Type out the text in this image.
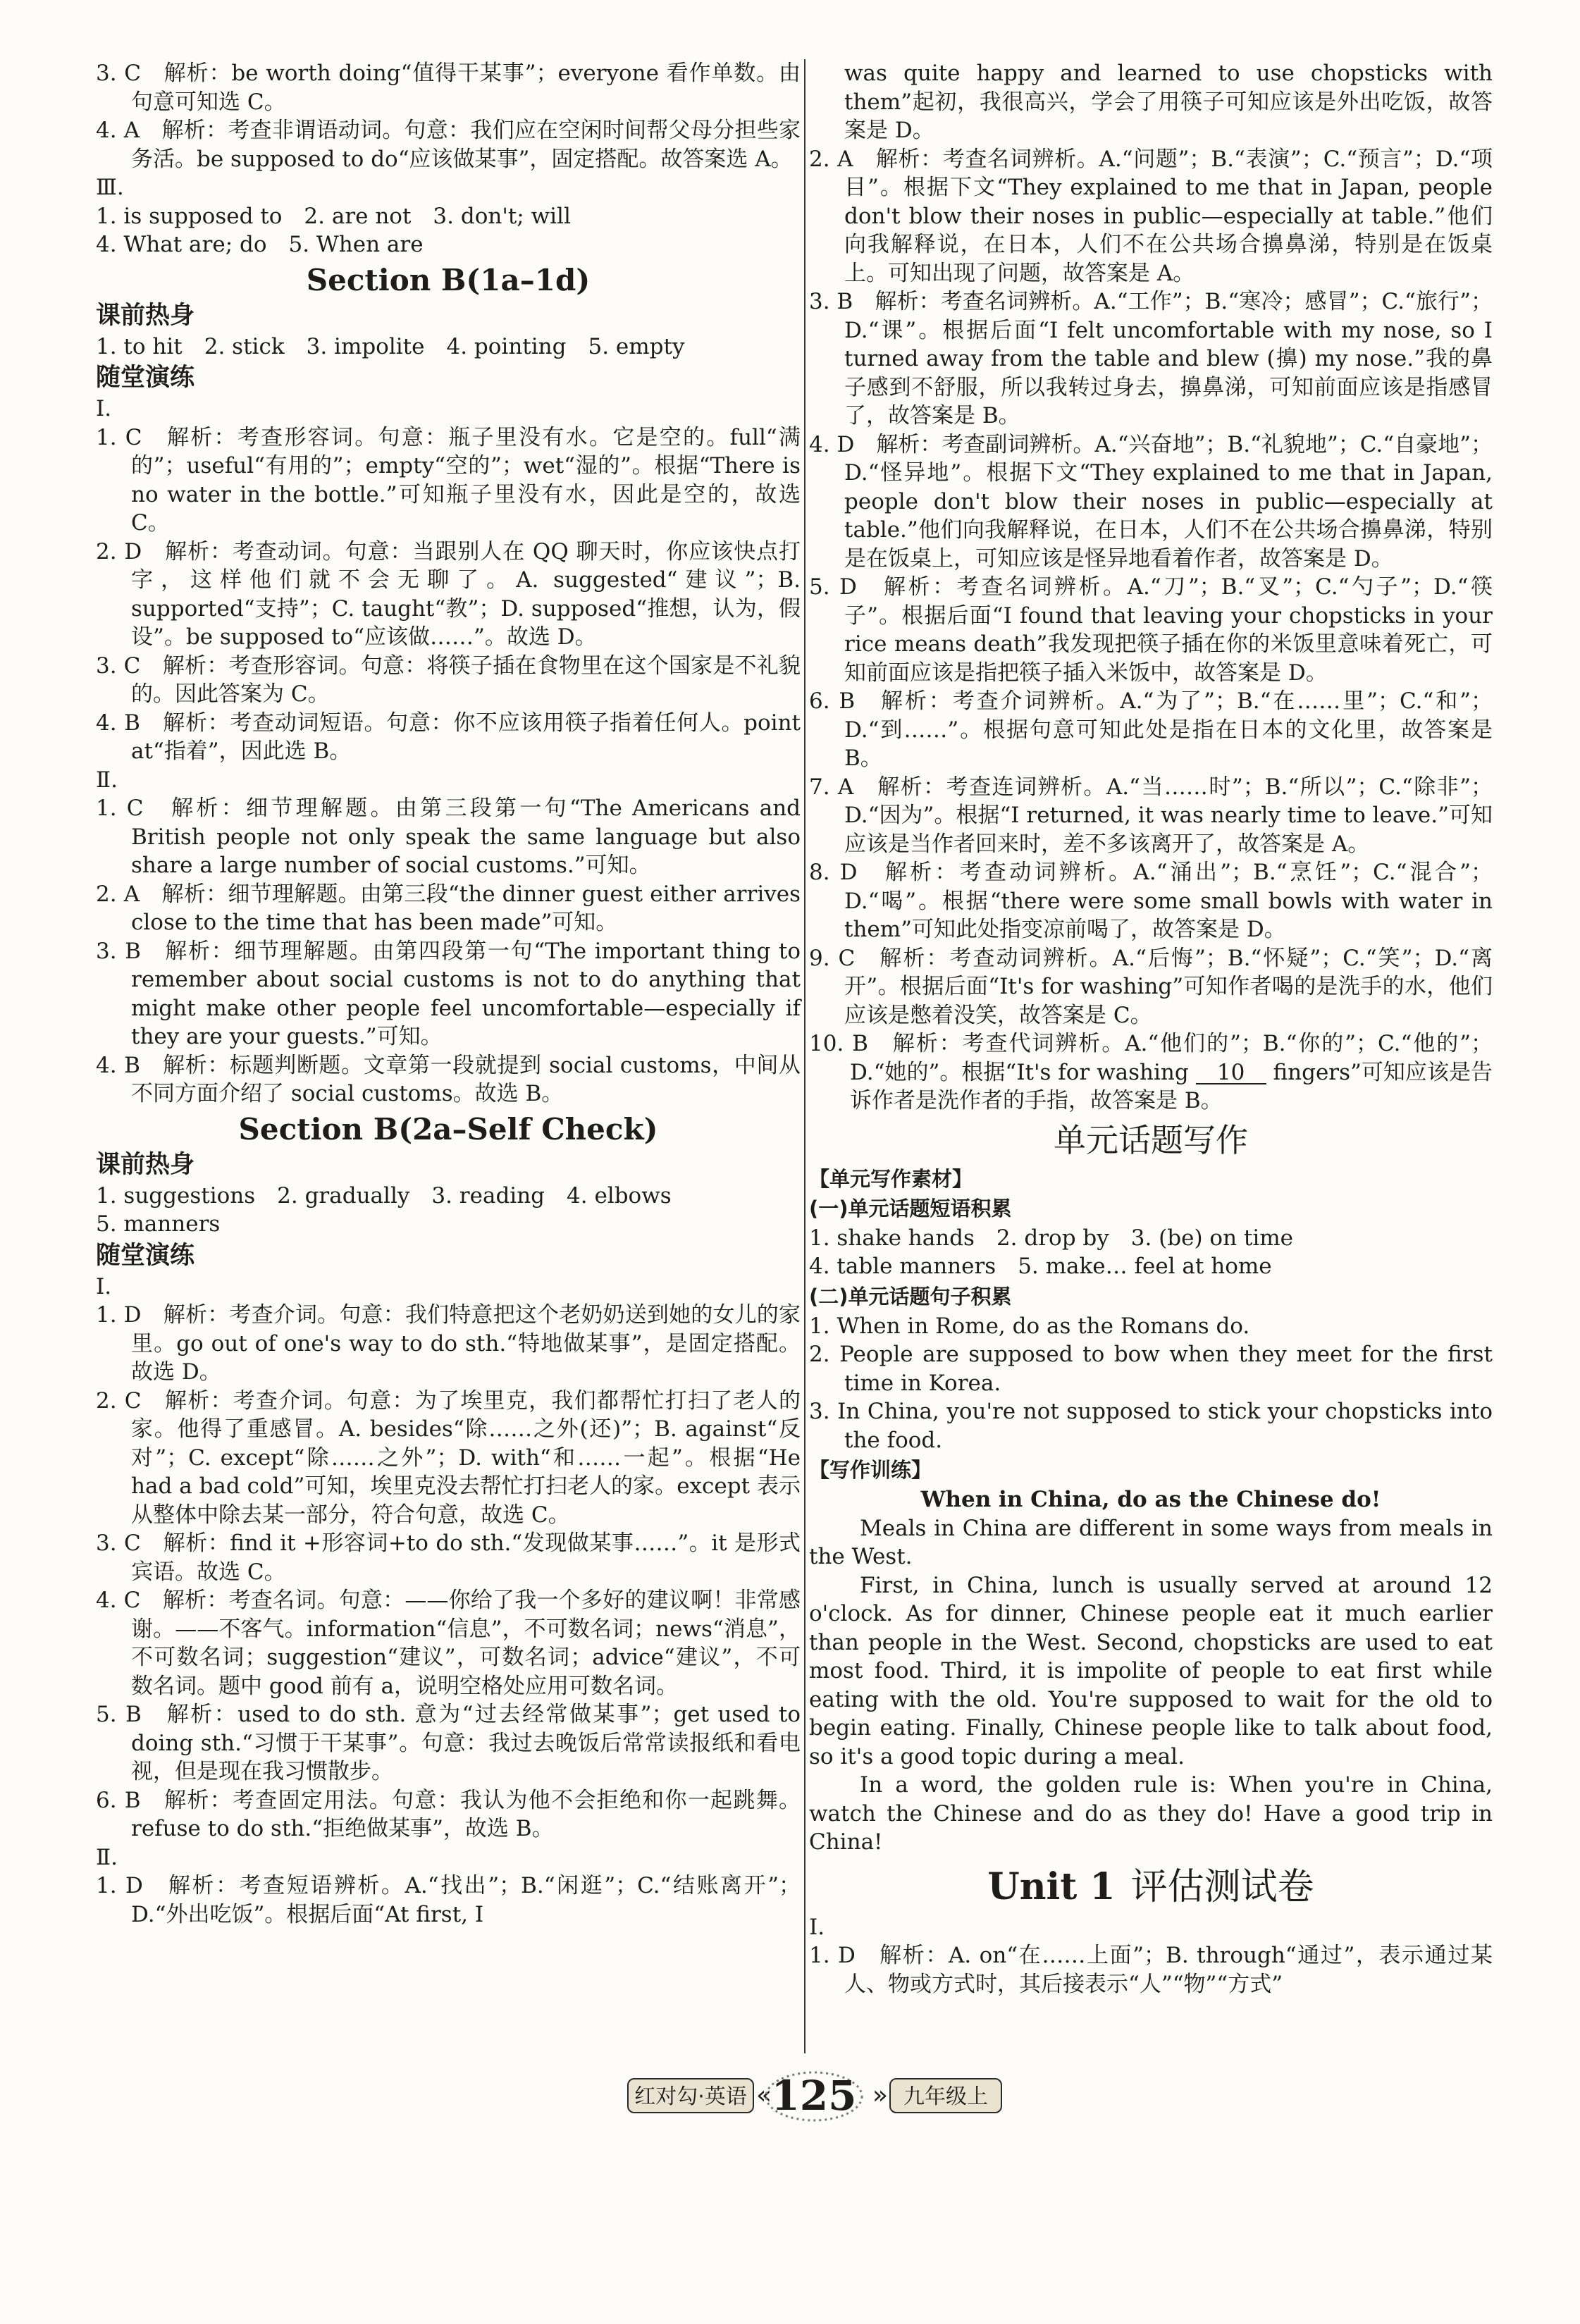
3. C　解析：be worth doing“值得干某事”；everyone 看作单数。由句意可知选 C。

4. A　解析：考查非谓语动词。句意：我们应在空闲时间帮父母分担些家务活。be supposed to do“应该做某事”，固定搭配。故答案选 A。

Ⅲ.

1. is supposed to　2. are not　3. don't; will

4. What are; do　5. When are

Section B(1a–1d)

课前热身

1. to hit　2. stick　3. impolite　4. pointing　5. empty

随堂演练

Ⅰ.

1. C　解析：考查形容词。句意：瓶子里没有水。它是空的。full“满的”；useful“有用的”；empty“空的”；wet“湿的”。根据“There is no water in the bottle.”可知瓶子里没有水，因此是空的，故选 C。

2. D　解析：考查动词。句意：当跟别人在 QQ 聊天时，你应该快点打字，这样他们就不会无聊了。A. suggested“建议”；B. supported“支持”；C. taught“教”；D. supposed“推想，认为，假设”。be supposed to“应该做……”。故选 D。

3. C　解析：考查形容词。句意：将筷子插在食物里在这个国家是不礼貌的。因此答案为 C。

4. B　解析：考查动词短语。句意：你不应该用筷子指着任何人。point at“指着”，因此选 B。

Ⅱ.

1. C　解析：细节理解题。由第三段第一句“The Americans and British people not only speak the same language but also share a large number of social customs.”可知。

2. A　解析：细节理解题。由第三段“the dinner guest either arrives close to the time that has been made”可知。

3. B　解析：细节理解题。由第四段第一句“The important thing to remember about social customs is not to do anything that might make other people feel uncomfortable—especially if they are your guests.”可知。

4. B　解析：标题判断题。文章第一段就提到 social customs，中间从不同方面介绍了 social customs。故选 B。

Section B(2a–Self Check)

课前热身

1. suggestions　2. gradually　3. reading　4. elbows

5. manners

随堂演练

Ⅰ.

1. D　解析：考查介词。句意：我们特意把这个老奶奶送到她的女儿的家里。go out of one's way to do sth.“特地做某事”，是固定搭配。故选 D。

2. C　解析：考查介词。句意：为了埃里克，我们都帮忙打扫了老人的家。他得了重感冒。A. besides“除……之外(还)”；B. against“反对”；C. except“除……之外”；D. with“和……一起”。根据“He had a bad cold”可知，埃里克没去帮忙打扫老人的家。except 表示从整体中除去某一部分，符合句意，故选 C。

3. C　解析：find it +形容词+to do sth.“发现做某事……”。it 是形式宾语。故选 C。

4. C　解析：考查名词。句意：——你给了我一个多好的建议啊！非常感谢。——不客气。information“信息”，不可数名词；news“消息”，不可数名词；suggestion“建议”，可数名词；advice“建议”，不可数名词。题中 good 前有 a，说明空格处应用可数名词。

5. B　解析：used to do sth. 意为“过去经常做某事”；get used to doing sth.“习惯于干某事”。句意：我过去晚饭后常常读报纸和看电视，但是现在我习惯散步。

6. B　解析：考查固定用法。句意：我认为他不会拒绝和你一起跳舞。refuse to do sth.“拒绝做某事”，故选 B。

Ⅱ.

1. D　解析：考查短语辨析。A.“找出”；B.“闲逛”；C.“结账离开”；D.“外出吃饭”。根据后面“At first, I

was quite happy and learned to use chopsticks with them”起初，我很高兴，学会了用筷子可知应该是外出吃饭，故答案是 D。

2. A　解析：考查名词辨析。A.“问题”；B.“表演”；C.“预言”；D.“项目”。根据下文“They explained to me that in Japan, people don't blow their noses in public—especially at table.”他们向我解释说，在日本，人们不在公共场合擤鼻涕，特别是在饭桌上。可知出现了问题，故答案是 A。

3. B　解析：考查名词辨析。A.“工作”；B.“寒冷；感冒”；C.“旅行”；D.“课”。根据后面“I felt uncomfortable with my nose, so I turned away from the table and blew (擤) my nose.”我的鼻子感到不舒服，所以我转过身去，擤鼻涕，可知前面应该是指感冒了，故答案是 B。

4. D　解析：考查副词辨析。A.“兴奋地”；B.“礼貌地”；C.“自豪地”；D.“怪异地”。根据下文“They explained to me that in Japan, people don't blow their noses in public—especially at table.”他们向我解释说，在日本，人们不在公共场合擤鼻涕，特别是在饭桌上，可知应该是怪异地看着作者，故答案是 D。

5. D　解析：考查名词辨析。A.“刀”；B.“叉”；C.“勺子”；D.“筷子”。根据后面“I found that leaving your chopsticks in your rice means death”我发现把筷子插在你的米饭里意味着死亡，可知前面应该是指把筷子插入米饭中，故答案是 D。

6. B　解析：考查介词辨析。A.“为了”；B.“在……里”；C.“和”；D.“到……”。根据句意可知此处是指在日本的文化里，故答案是 B。

7. A　解析：考查连词辨析。A.“当……时”；B.“所以”；C.“除非”；D.“因为”。根据“I returned, it was nearly time to leave.”可知应该是当作者回来时，差不多该离开了，故答案是 A。

8. D　解析：考查动词辨析。A.“涌出”；B.“烹饪”；C.“混合”；D.“喝”。根据“there were some small bowls with water in them”可知此处指变凉前喝了，故答案是 D。

9. C　解析：考查动词辨析。A.“后悔”；B.“怀疑”；C.“笑”；D.“离开”。根据后面“It's for washing”可知作者喝的是洗手的水，他们应该是憋着没笑，故答案是 C。

10. B　解析：考查代词辨析。A.“他们的”；B.“你的”；C.“他的”；D.“她的”。根据“It's for washing 10 fingers”可知应该是告诉作者是洗作者的手指，故答案是 B。

单元话题写作

【单元写作素材】

(一)单元话题短语积累

1. shake hands　2. drop by　3. (be) on time

4. table manners　5. make… feel at home

(二)单元话题句子积累

1. When in Rome, do as the Romans do.

2. People are supposed to bow when they meet for the first time in Korea.

3. In China, you're not supposed to stick your chopsticks into the food.

【写作训练】

When in China, do as the Chinese do!

Meals in China are different in some ways from meals in the West.

First, in China, lunch is usually served at around 12 o'clock. As for dinner, Chinese people eat it much earlier than people in the West. Second, chopsticks are used to eat most food. Third, it is impolite of people to eat first while eating with the old. You're supposed to wait for the old to begin eating. Finally, Chinese people like to talk about food, so it's a good topic during a meal.

In a word, the golden rule is: When you're in China, watch the Chinese and do as they do! Have a good trip in China!

Unit 1 评估测试卷

Ⅰ.

1. D　解析：A. on“在……上面”；B. through“通过”，表示通过某人、物或方式时，其后接表示“人”“物”“方式”

红对勾·英语 « 125 » 九年级上
